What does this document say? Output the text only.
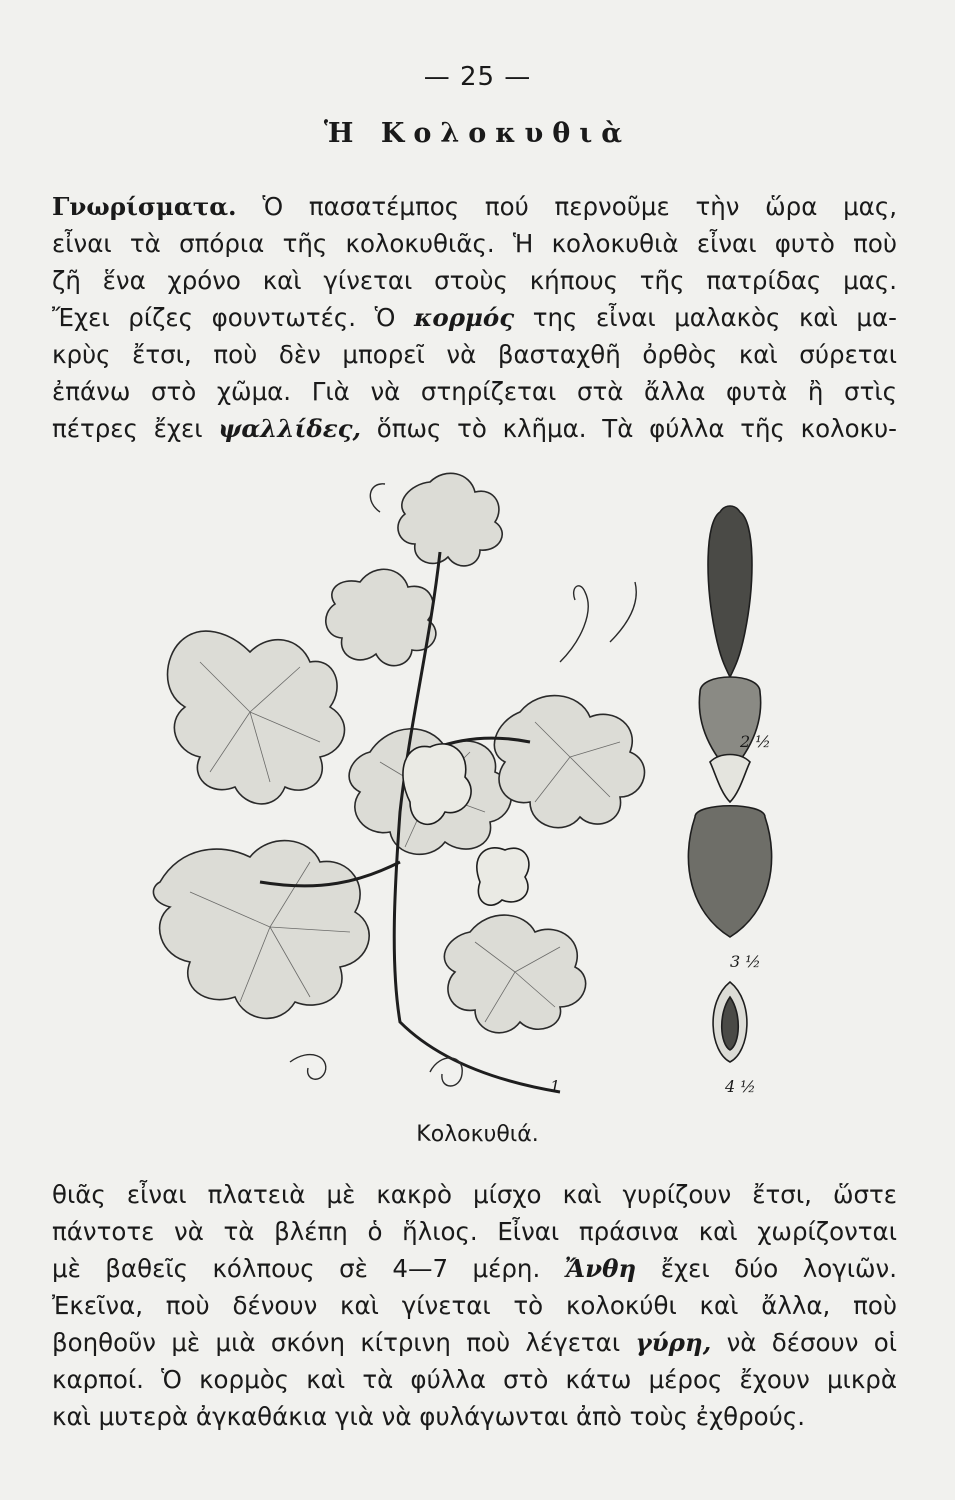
— 25 —
Ἡ Κολοκυθιὰ
Γνωρίσματα. Ὁ πασατέμπος πού περνοῦμε τὴν ὥρα μας,
εἶναι τὰ σπόρια τῆς κολοκυθιᾶς. Ἡ κολοκυθιὰ εἶναι φυτὸ ποὺ
ζῆ ἕνα χρόνο καὶ γίνεται στοὺς κήπους τῆς πατρίδας μας.
Ἔχει ρίζες φουντωτές. Ὁ κορμός της εἶναι μαλακὸς καὶ μα-
κρὺς ἔτσι, ποὺ δὲν μπορεῖ νὰ βασταχθῆ ὀρθὸς καὶ σύρεται
ἐπάνω στὸ χῶμα. Γιὰ νὰ στηρίζεται στὰ ἄλλα φυτὰ ἢ στὶς
πέτρες ἔχει ψαλλίδες, ὅπως τὸ κλῆμα. Τὰ φύλλα τῆς κολοκυ-
2 ½
3 ½
4 ½
1
Κολοκυθιά.
θιᾶς εἶναι πλατειὰ μὲ κακρὸ μίσχο καὶ γυρίζουν ἔτσι, ὥστε
πάντοτε νὰ τὰ βλέπη ὁ ἥλιος. Εἶναι πράσινα καὶ χωρίζονται
μὲ βαθεῖς κόλπους σὲ 4—7 μέρη. Ἄνθη ἔχει δύο λογιῶν.
Ἐκεῖνα, ποὺ δένουν καὶ γίνεται τὸ κολοκύθι καὶ ἄλλα, ποὺ
βοηθοῦν μὲ μιὰ σκόνη κίτρινη ποὺ λέγεται γύρη, νὰ δέσουν οἱ
καρποί. Ὁ κορμὸς καὶ τὰ φύλλα στὸ κάτω μέρος ἔχουν μικρὰ
καὶ μυτερὰ ἀγκαθάκια γιὰ νὰ φυλάγωνται ἀπὸ τοὺς ἐχθρούς.
